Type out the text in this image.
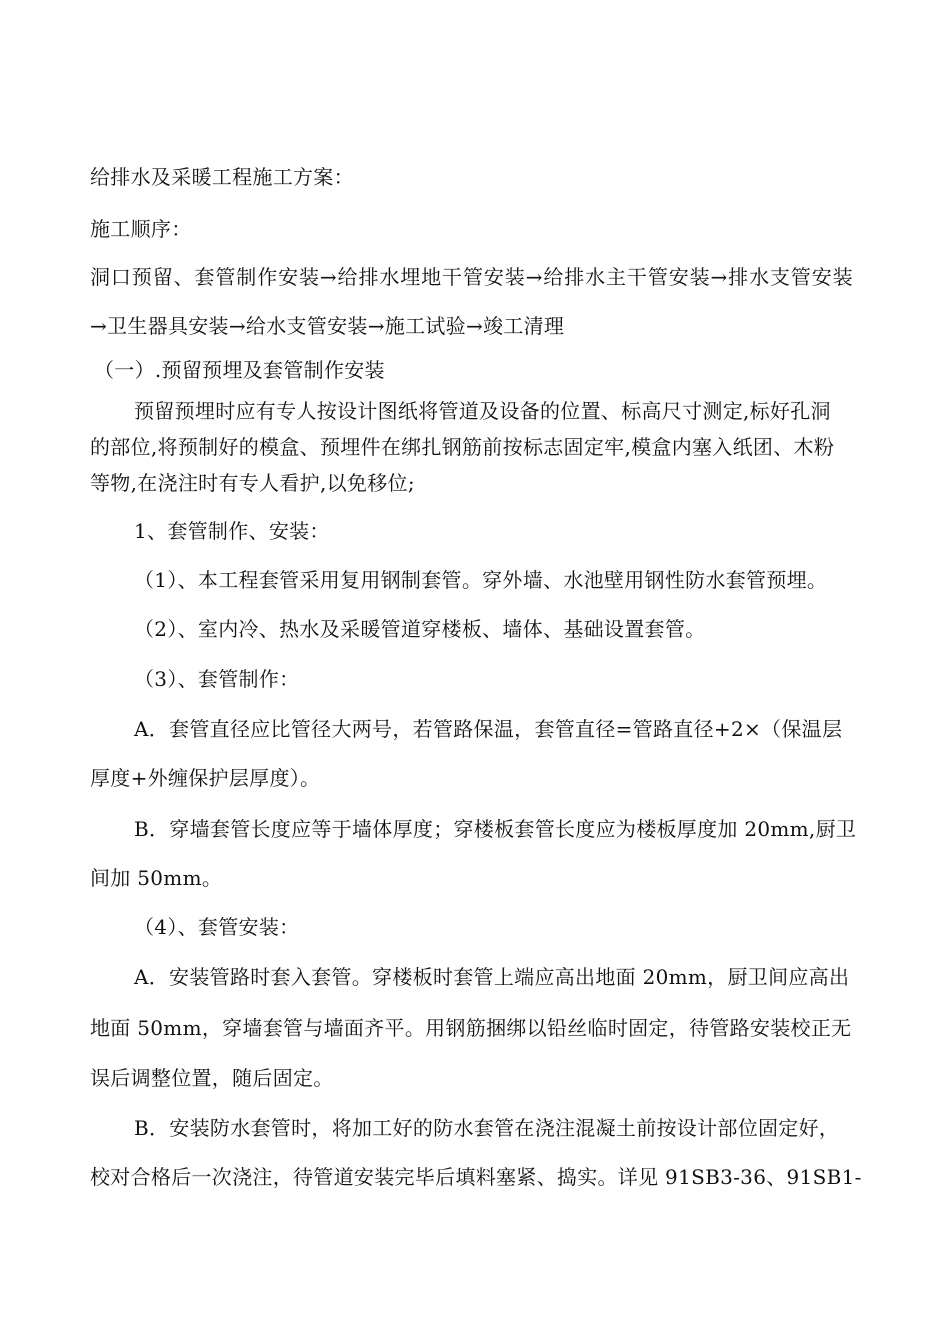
给排水及采暖工程施工方案：
施工顺序：
洞口预留、套管制作安装→给排水埋地干管安装→给排水主干管安装→排水支管安装
→卫生器具安装→给水支管安装→施工试验→竣工清理
（一）.预留预埋及套管制作安装
预留预埋时应有专人按设计图纸将管道及设备的位置、标高尺寸测定,标好孔洞
的部位,将预制好的模盒、预埋件在绑扎钢筋前按标志固定牢,模盒内塞入纸团、木粉
等物,在浇注时有专人看护,以免移位;
1、套管制作、安装：
（1）、本工程套管采用复用钢制套管。穿外墙、水池壁用钢性防水套管预埋。
（2）、室内冷、热水及采暖管道穿楼板、墙体、基础设置套管。
（3）、套管制作：
A．套管直径应比管径大两号，若管路保温，套管直径=管路直径+2×（保温层
厚度+外缠保护层厚度）。
B．穿墙套管长度应等于墙体厚度；穿楼板套管长度应为楼板厚度加 20mm,厨卫
间加 50mm。
（4）、套管安装：
A．安装管路时套入套管。穿楼板时套管上端应高出地面 20mm，厨卫间应高出
地面 50mm，穿墙套管与墙面齐平。用钢筋捆绑以铅丝临时固定，待管路安装校正无
误后调整位置，随后固定。
B．安装防水套管时，将加工好的防水套管在浇注混凝土前按设计部位固定好，
校对合格后一次浇注，待管道安装完毕后填料塞紧、捣实。详见 91SB3-36、91SB1-
